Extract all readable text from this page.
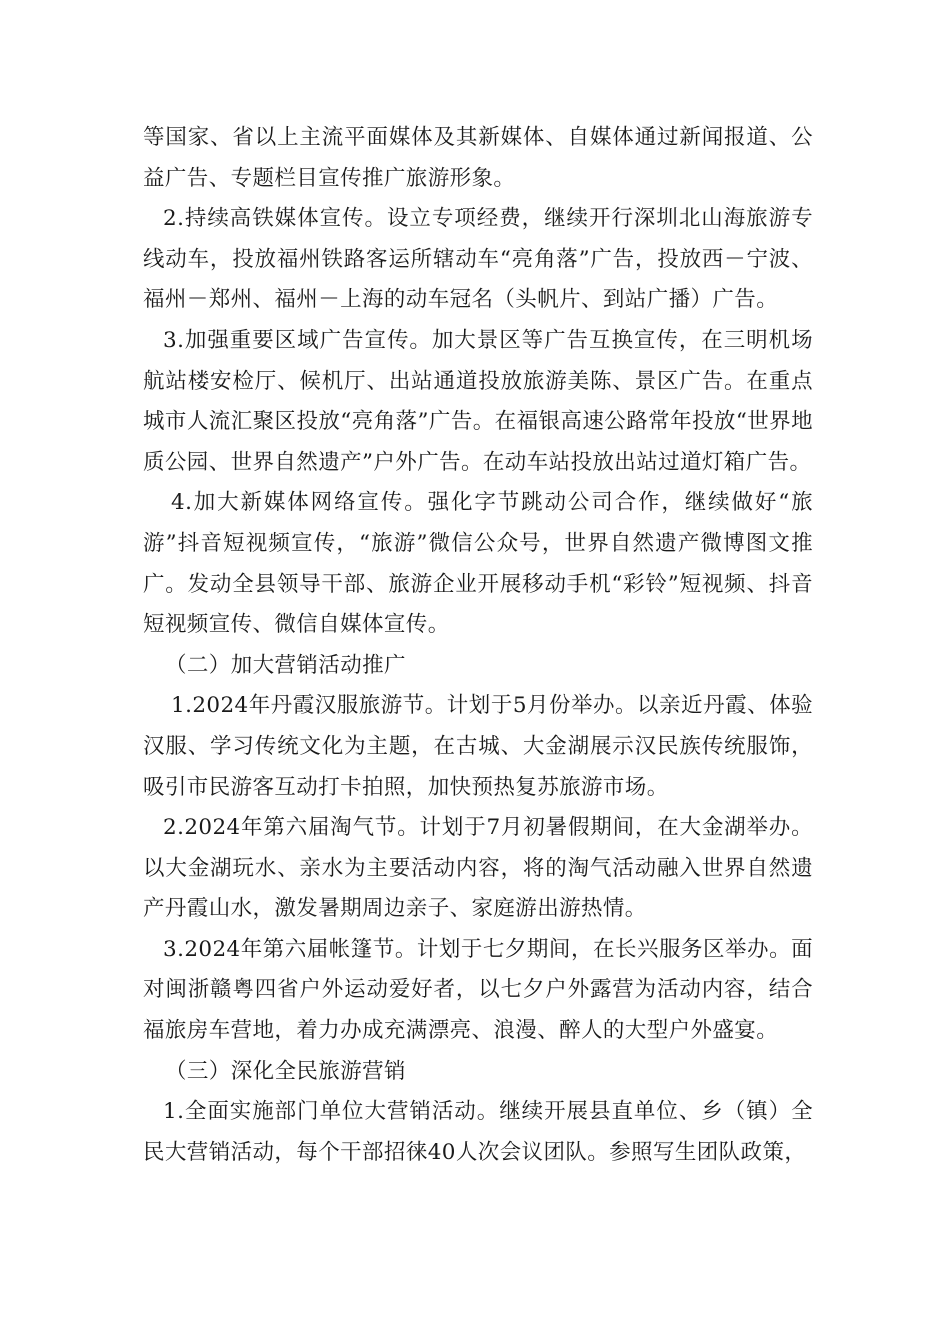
等国家、省以上主流平面媒体及其新媒体、自媒体通过新闻报道、公益广告、专题栏目宣传推广旅游形象。

2.持续高铁媒体宣传。设立专项经费，继续开行深圳北山海旅游专线动车，投放福州铁路客运所辖动车“亮角落”广告，投放西－宁波、福州－郑州、福州－上海的动车冠名（头帆片、到站广播）广告。

3.加强重要区域广告宣传。加大景区等广告互换宣传，在三明机场航站楼安检厅、候机厅、出站通道投放旅游美陈、景区广告。在重点城市人流汇聚区投放“亮角落”广告。在福银高速公路常年投放“世界地质公园、世界自然遗产”户外广告。在动车站投放出站过道灯箱广告。

4.加大新媒体网络宣传。强化字节跳动公司合作，继续做好“旅游”抖音短视频宣传，“旅游”微信公众号，世界自然遗产微博图文推广。发动全县领导干部、旅游企业开展移动手机“彩铃”短视频、抖音短视频宣传、微信自媒体宣传。

（二）加大营销活动推广

1.2024年丹霞汉服旅游节。计划于5月份举办。以亲近丹霞、体验汉服、学习传统文化为主题，在古城、大金湖展示汉民族传统服饰，吸引市民游客互动打卡拍照，加快预热复苏旅游市场。

2.2024年第六届淘气节。计划于7月初暑假期间，在大金湖举办。以大金湖玩水、亲水为主要活动内容，将的淘气活动融入世界自然遗产丹霞山水，激发暑期周边亲子、家庭游出游热情。

3.2024年第六届帐篷节。计划于七夕期间，在长兴服务区举办。面对闽浙赣粤四省户外运动爱好者，以七夕户外露营为活动内容，结合福旅房车营地，着力办成充满漂亮、浪漫、醉人的大型户外盛宴。

（三）深化全民旅游营销

1.全面实施部门单位大营销活动。继续开展县直单位、乡（镇）全民大营销活动，每个干部招徕40人次会议团队。参照写生团队政策，
